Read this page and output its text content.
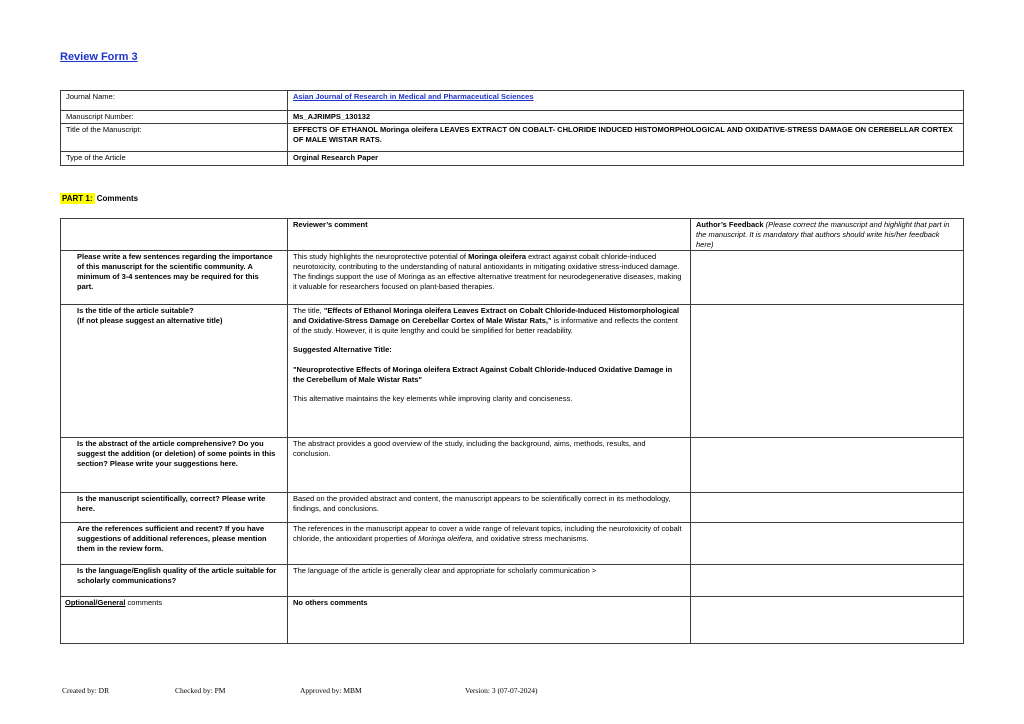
Review Form 3
Journal Name:	Asian Journal of Research in Medical and Pharmaceutical Sciences
Manuscript Number:	Ms_AJRIMPS_130132
Title of the Manuscript:	EFFECTS OF ETHANOL Moringa oleifera LEAVES EXTRACT ON COBALT- CHLORIDE INDUCED HISTOMORPHOLOGICAL AND OXIDATIVE-STRESS DAMAGE ON CEREBELLAR CORTEX OF MALE WISTAR RATS.
Type of the Article	Orginal Research Paper
PART 1: Comments
	Reviewer’s comment	Author’s Feedback (Please correct the manuscript and highlight that part in the manuscript. It is mandatory that authors should write his/her feedback here)
Please write a few sentences regarding the importance of this manuscript for the scientific community. A minimum of 3-4 sentences may be required for this part.	This study highlights the neuroprotective potential of Moringa oleifera extract against cobalt chloride-induced neurotoxicity, contributing to the understanding of natural antioxidants in mitigating oxidative stress-induced damage. The findings support the use of Moringa as an effective alternative treatment for neurodegenerative diseases, making it valuable for researchers focused on plant-based therapies.	
Is the title of the article suitable?
(If not please suggest an alternative title)	The title, "Effects of Ethanol Moringa oleifera Leaves Extract on Cobalt Chloride-Induced Histomorphological and Oxidative-Stress Damage on Cerebellar Cortex of Male Wistar Rats," is informative and reflects the content of the study. However, it is quite lengthy and could be simplified for better readability.

Suggested Alternative Title:

"Neuroprotective Effects of Moringa oleifera Extract Against Cobalt Chloride-Induced Oxidative Damage in the Cerebellum of Male Wistar Rats"

This alternative maintains the key elements while improving clarity and conciseness.	
Is the abstract of the article comprehensive? Do you suggest the addition (or deletion) of some points in this section? Please write your suggestions here.	The abstract provides a good overview of the study, including the background, aims, methods, results, and conclusion.	
Is the manuscript scientifically, correct? Please write here.	Based on the provided abstract and content, the manuscript appears to be scientifically correct in its methodology, findings, and conclusions.	
Are the references sufficient and recent? If you have suggestions of additional references, please mention them in the review form.	The references in the manuscript appear to cover a wide range of relevant topics, including the neurotoxicity of cobalt chloride, the antioxidant properties of Moringa oleifera, and oxidative stress mechanisms.	
Is the language/English quality of the article suitable for scholarly communications?	The language of the article is generally clear and appropriate for scholarly communication >	
Optional/General comments	No others comments	
Created by: DR	Checked by: PM	Approved by: MBM	Version: 3 (07-07-2024)
